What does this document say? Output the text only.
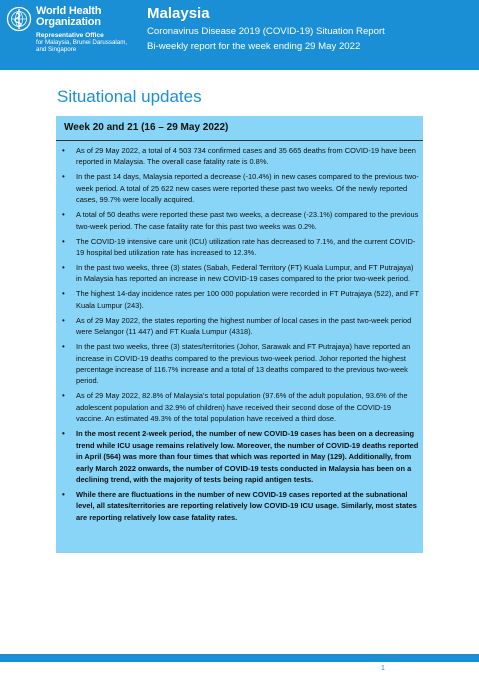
World Health
Organization
Representative Office
for Malaysia, Brunei Darussalam,
and Singapore
Malaysia
Coronavirus Disease 2019 (COVID-19) Situation Report
Bi-weekly report for the week ending 29 May 2022
Situational updates
Week 20 and 21 (16 – 29 May 2022)
• As of 29 May 2022, a total of 4 503 734 confirmed cases and 35 665 deaths from COVID-19 have been reported in Malaysia. The overall case fatality rate is 0.8%.
• In the past 14 days, Malaysia reported a decrease (-10.4%) in new cases compared to the previous two-week period. A total of 25 622 new cases were reported these past two weeks. Of the newly reported cases, 99.7% were locally acquired.
• A total of 50 deaths were reported these past two weeks, a decrease (-23.1%) compared to the previous two-week period. The case fatality rate for this past two weeks was 0.2%.
• The COVID-19 intensive care unit (ICU) utilization rate has decreased to 7.1%, and the current COVID-19 hospital bed utilization rate has increased to 12.3%.
• In the past two weeks, three (3) states (Sabah, Federal Territory (FT) Kuala Lumpur, and FT Putrajaya) in Malaysia has reported an increase in new COVID-19 cases compared to the prior two-week period.
• The highest 14-day incidence rates per 100 000 population were recorded in FT Putrajaya (522), and FT Kuala Lumpur (243).
• As of 29 May 2022, the states reporting the highest number of local cases in the past two-week period were Selangor (11 447) and FT Kuala Lumpur (4318).
• In the past two weeks, three (3) states/territories (Johor, Sarawak and FT Putrajaya) have reported an increase in COVID-19 deaths compared to the previous two-week period. Johor reported the highest percentage increase of 116.7% increase and a total of 13 deaths compared to the previous two-week period.
• As of 29 May 2022, 82.8% of Malaysia’s total population (97.6% of the adult population, 93.6% of the adolescent population and 32.9% of children) have received their second dose of the COVID-19 vaccine. An estimated 49.3% of the total population have received a third dose.
• In the most recent 2-week period, the number of new COVID-19 cases has been on a decreasing trend while ICU usage remains relatively low. Moreover, the number of COVID-19 deaths reported in April (564) was more than four times that which was reported in May (129). Additionally, from early March 2022 onwards, the number of COVID-19 tests conducted in Malaysia has been on a declining trend, with the majority of tests being rapid antigen tests.
• While there are fluctuations in the number of new COVID-19 cases reported at the subnational level, all states/territories are reporting relatively low COVID-19 ICU usage. Similarly, most states are reporting relatively low case fatality rates.
1
